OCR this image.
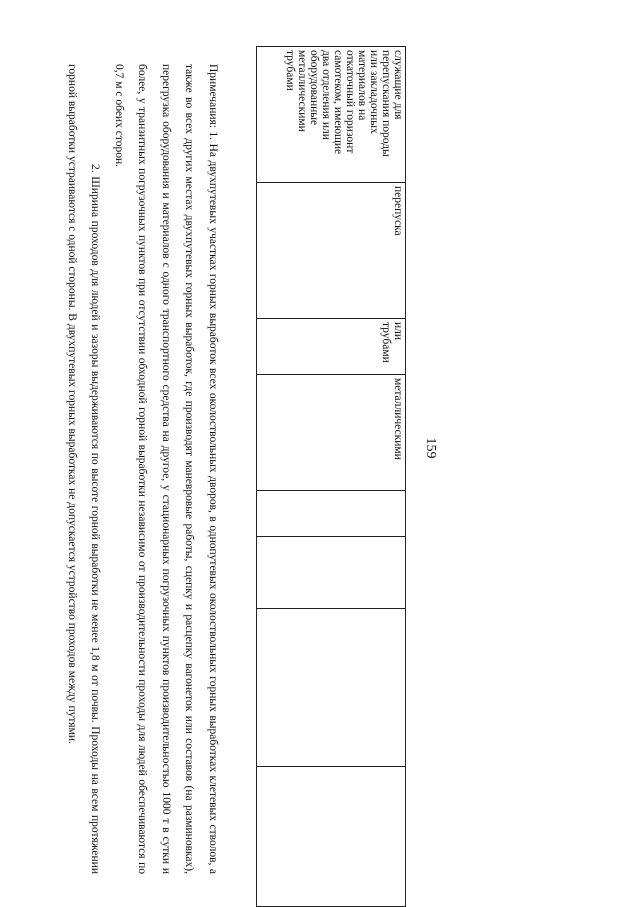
159
служащие для
перепускания породы
или закладочных
материалов на
откаточный горизонт
самотеком, имеющие
два отделения или
оборудованные
металлическими
трубами

перепуска

или
трубами

металлическими

Примечания: 1. На двухпутевых участках горных выработок всех околоствольных дворов, в однопутевых околоствольных горных выработках клетевых стволов, а также во всех других местах двухпутевых горных выработок, где производят маневровые работы, сцепку и расцепку вагонеток или составов (на разминовках), перегрузка оборудования и материалов с одного транспортного средства на другое, у стационарных погрузочных пунктов производительностью 1000 т в сутки и более, у транзитных погрузочных пунктов при отсутствии обходной горной выработки независимо от производительности проходы для людей обеспечиваются по 0,7 м с обеих сторон.

2. Ширина проходов для людей и зазоры выдерживаются по высоте горной выработки не менее 1,8 м от почвы. Проходы на всем протяжении горной выработки устраиваются с одной стороны. В двухпутевых горных выработках не допускается устройство проходов между путями.
